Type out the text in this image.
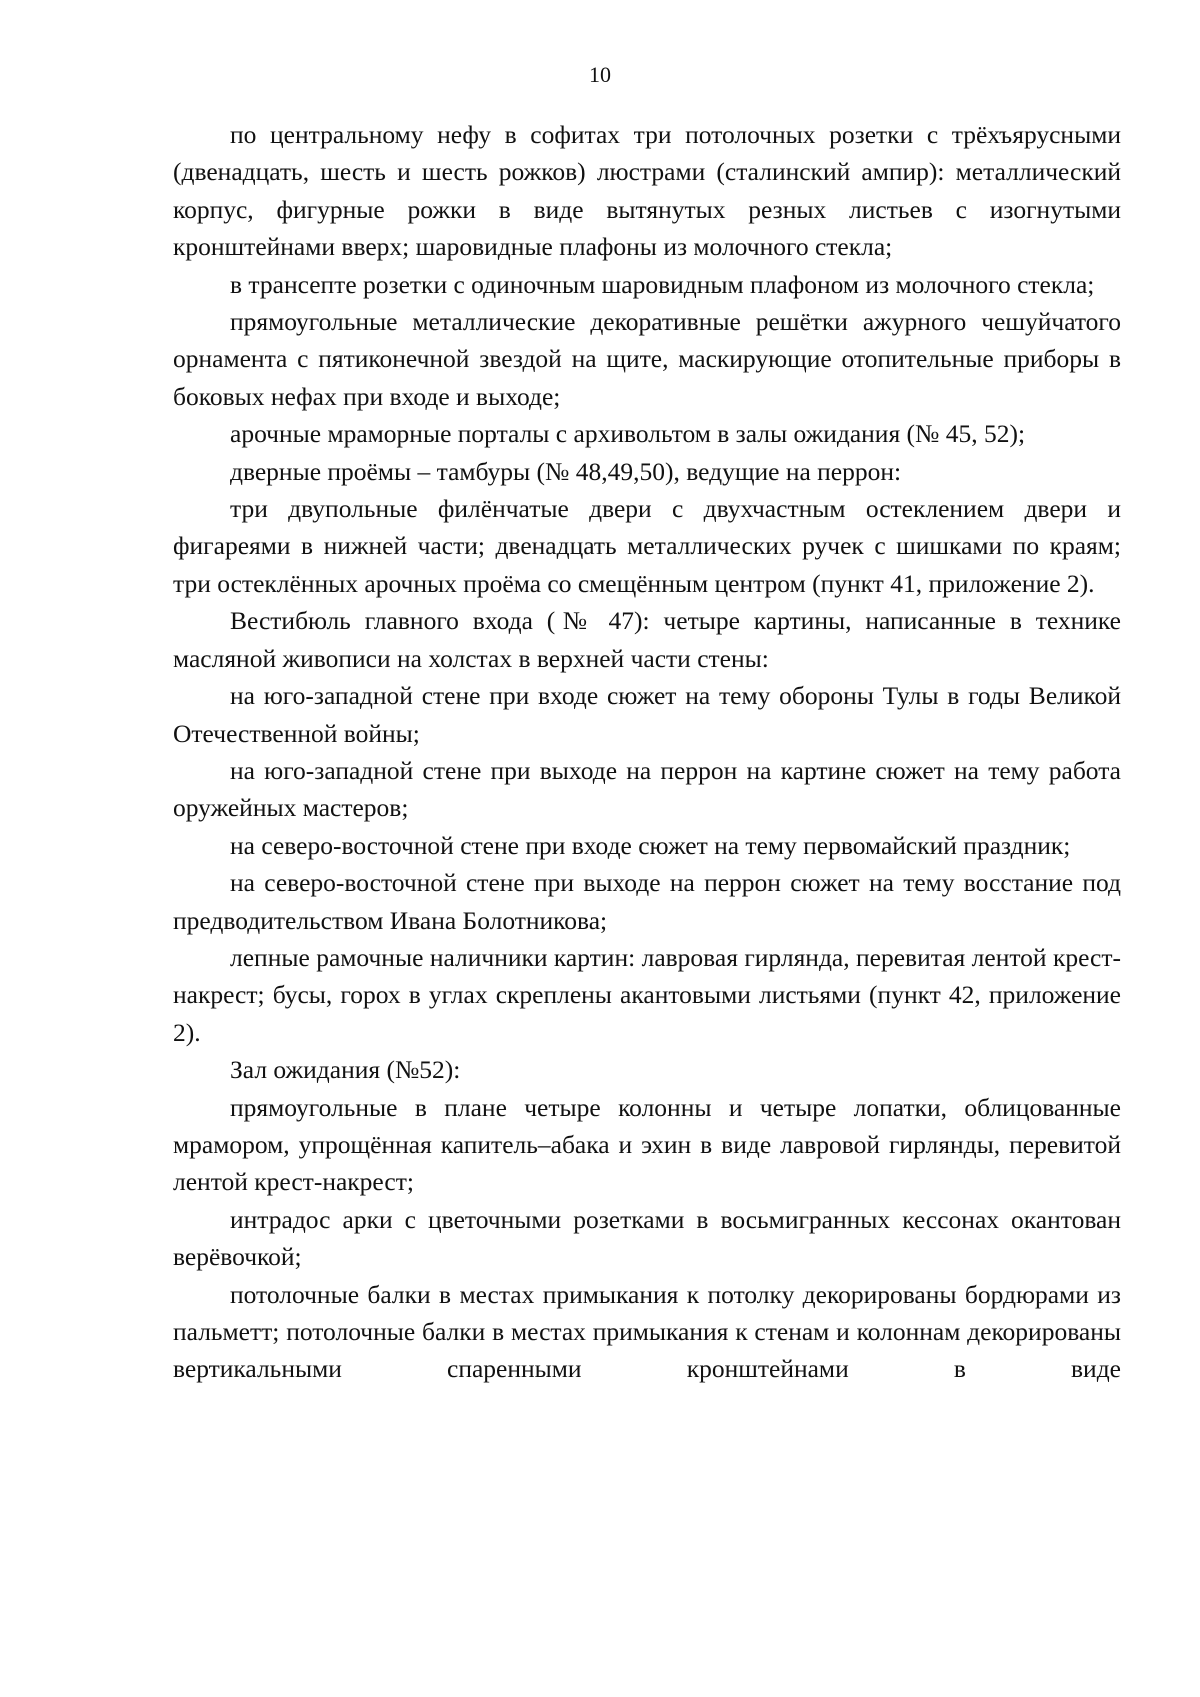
10

по центральному нефу в софитах три потолочных розетки с трёхъярусными (двенадцать, шесть и шесть рожков) люстрами (сталинский ампир): металлический корпус, фигурные рожки в виде вытянутых резных листьев с изогнутыми кронштейнами вверх; шаровидные плафоны из молочного стекла;

в трансепте розетки с одиночным шаровидным плафоном из молочного стекла;

прямоугольные металлические декоративные решётки ажурного чешуйчатого орнамента с пятиконечной звездой на щите, маскирующие отопительные приборы в боковых нефах при входе и выходе;

арочные мраморные порталы с архивольтом в залы ожидания (№ 45, 52);

дверные проёмы – тамбуры (№ 48,49,50), ведущие на перрон:

три двупольные филёнчатые двери с двухчастным остеклением двери и фигареями в нижней части; двенадцать металлических ручек с шишками по краям; три остеклённых арочных проёма со смещённым центром (пункт 41, приложение 2).

Вестибюль главного входа (№ 47): четыре картины, написанные в технике масляной живописи на холстах в верхней части стены:

на юго-западной стене при входе сюжет на тему обороны Тулы в годы Великой Отечественной войны;

на юго-западной стене при выходе на перрон на картине сюжет на тему работа оружейных мастеров;

на северо-восточной стене при входе сюжет на тему первомайский праздник;

на северо-восточной стене при выходе на перрон сюжет на тему восстание под предводительством Ивана Болотникова;

лепные рамочные наличники картин: лавровая гирлянда, перевитая лентой крест-накрест; бусы, горох в углах скреплены акантовыми листьями (пункт 42, приложение 2).

Зал ожидания (№52):

прямоугольные в плане четыре колонны и четыре лопатки, облицованные мрамором, упрощённая капитель–абака и эхин в виде лавровой гирлянды, перевитой лентой крест-накрест;

интрадос арки с цветочными розетками в восьмигранных кессонах окантован верёвочкой;

потолочные балки в местах примыкания к потолку декорированы бордюрами из пальметт; потолочные балки в местах примыкания к стенам и колоннам декорированы вертикальными спаренными кронштейнами в виде
